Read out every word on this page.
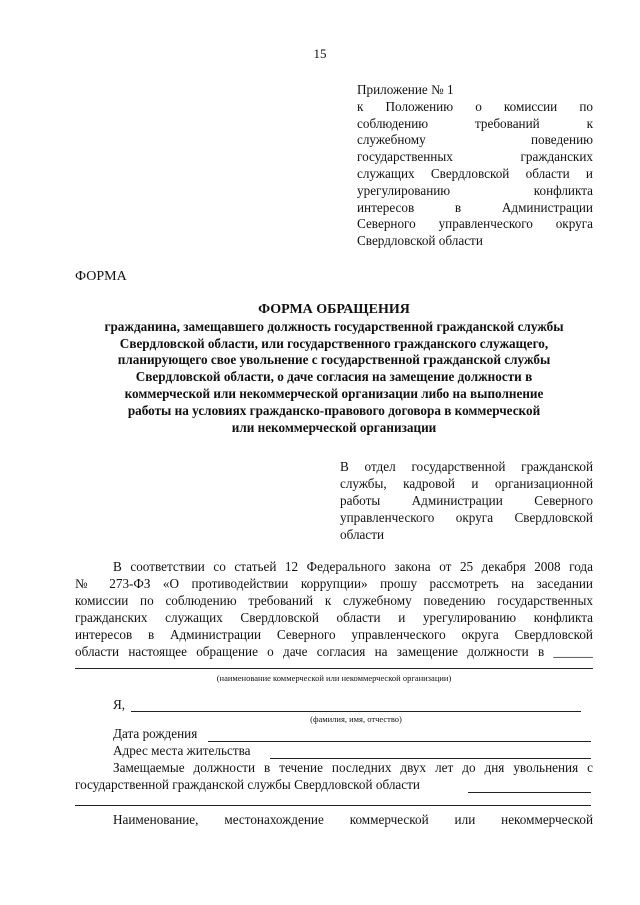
15
Приложение № 1
к Положению о комиссии по
соблюдению требований к
служебному поведению
государственных гражданских
служащих Свердловской области и
урегулированию конфликта
интересов в Администрации
Северного управленческого округа
Свердловской области
ФОРМА
ФОРМА ОБРАЩЕНИЯ
гражданина, замещавшего должность государственной гражданской службы
Свердловской области, или государственного гражданского служащего,
планирующего свое увольнение с государственной гражданской службы
Свердловской области, о даче согласия на замещение должности в
коммерческой или некоммерческой организации либо на выполнение
работы на условиях гражданско-правового договора в коммерческой
или некоммерческой организации
В отдел государственной гражданской
службы, кадровой и организационной
работы Администрации Северного
управленческого округа Свердловской
области
В соответствии со статьей 12 Федерального закона от 25 декабря 2008 года
№ 273-ФЗ «О противодействии коррупции» прошу рассмотреть на заседании
комиссии по соблюдению требований к служебному поведению государственных
гражданских служащих Свердловской области и урегулированию конфликта
интересов в Администрации Северного управленческого округа Свердловской
области настоящее обращение о даче согласия на замещение должности в ______
(наименование коммерческой или некоммерческой организации)
Я,
(фамилия, имя, отчество)
Дата рождения
Адрес места жительства
Замещаемые должности в течение последних двух лет до дня увольнения с
государственной гражданской службы Свердловской области
Наименование, местонахождение коммерческой или некоммерческой
